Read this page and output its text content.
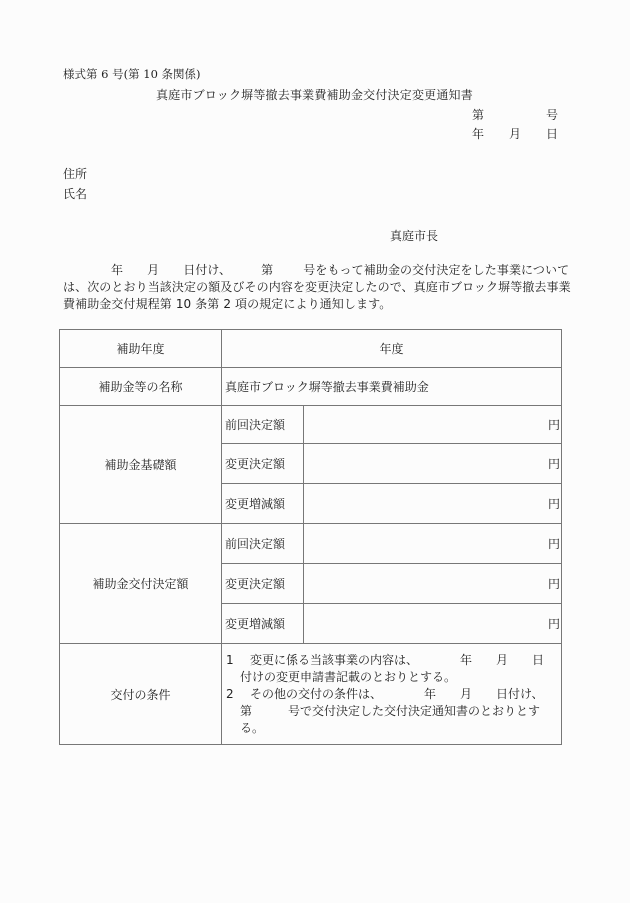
様式第 6 号(第 10 条関係)
真庭市ブロック塀等撤去事業費補助金交付決定変更通知書
第	号
年 月 日
住所
氏名
真庭市長
年 月 日付け、	第	号をもって補助金の交付決定をした事業については、次のとおり当該決定の額及びその内容を変更決定したので、真庭市ブロック塀等撤去事業費補助金交付規程第 10 条第 2 項の規定により通知します。
補助年度	年度	
補助金等の名称	真庭市ブロック塀等撤去事業費補助金	
補助金基礎額	前回決定額	円
	変更決定額	円
	変更増減額	円
補助金交付決定額	前回決定額	円
	変更決定額	円
	変更増減額	円
交付の条件	1 変更に係る当該事業の内容は、 年 月 日付けの変更申請書記載のとおりとする。
2 その他の交付の条件は、 年 月 日付け、 第 号で交付決定した交付決定通知書のとおりとする。	
